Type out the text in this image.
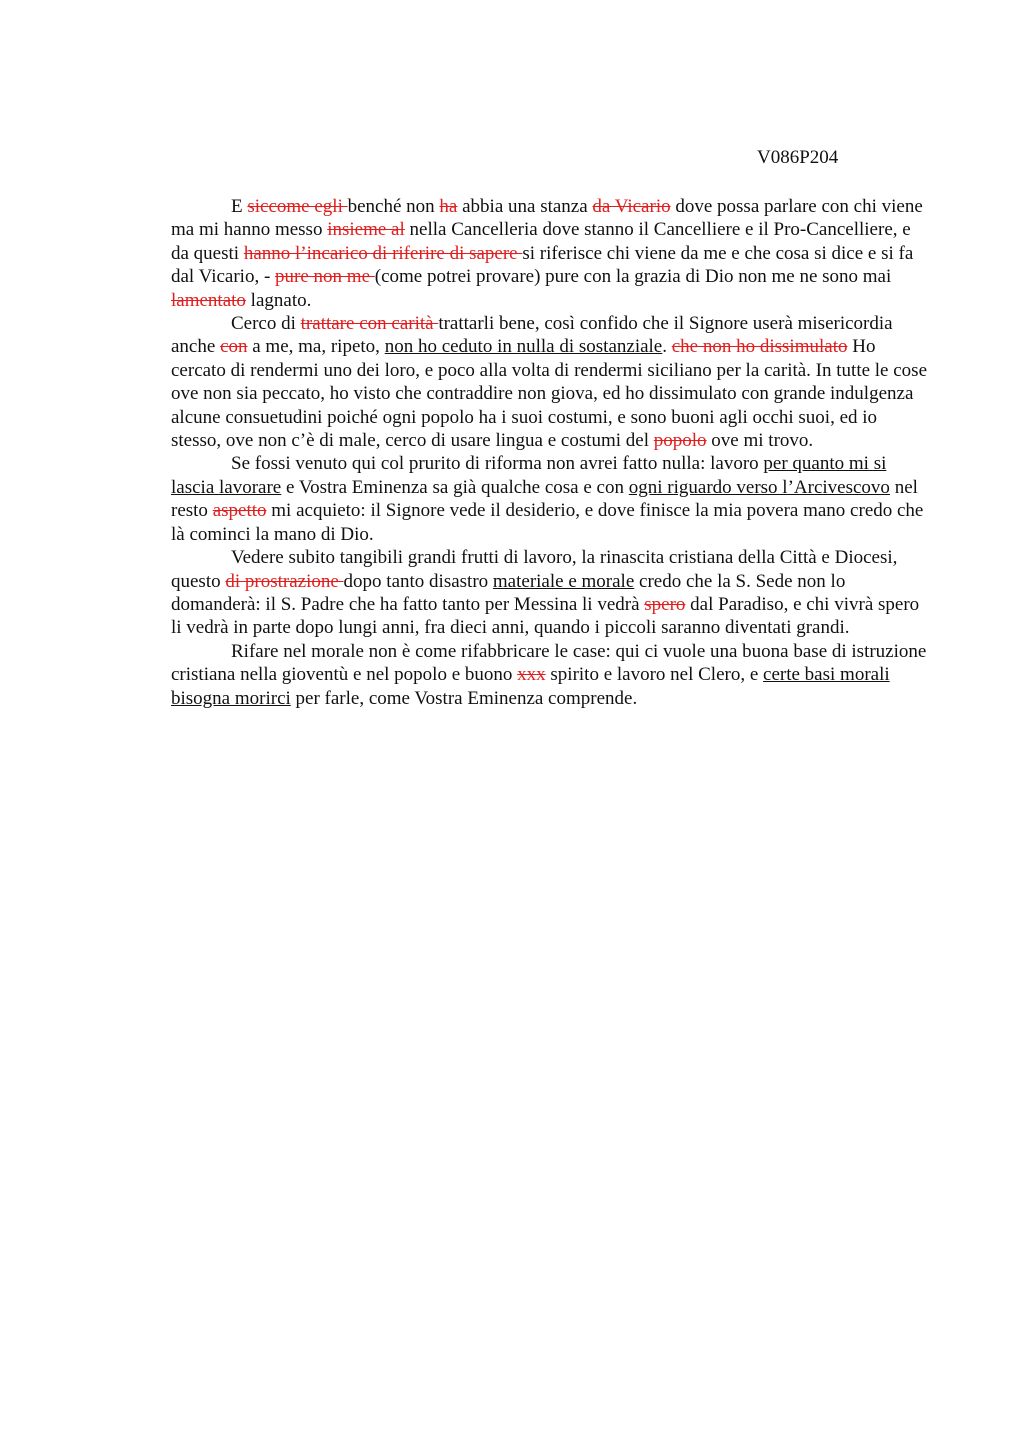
V086P204

E siccome egli benché non ha abbia una stanza da Vicario dove possa parlare con chi viene ma mi hanno messo insieme al nella Cancelleria dove stanno il Cancelliere e il Pro-Cancelliere, e da questi hanno l’incarico di riferire di sapere si riferisce chi viene da me e che cosa si dice e si fa dal Vicario, - pure non me (come potrei provare) pure con la grazia di Dio non me ne sono mai lamentato lagnato.

Cerco di trattare con carità trattarli bene, così confido che il Signore userà misericordia anche con a me, ma, ripeto, non ho ceduto in nulla di sostanziale. che non ho dissimulato Ho cercato di rendermi uno dei loro, e poco alla volta di rendermi siciliano per la carità. In tutte le cose ove non sia peccato, ho visto che contraddire non giova, ed ho dissimulato con grande indulgenza alcune consuetudini poiché ogni popolo ha i suoi costumi, e sono buoni agli occhi suoi, ed io stesso, ove non c’è di male, cerco di usare lingua e costumi del popolo ove mi trovo.

Se fossi venuto qui col prurito di riforma non avrei fatto nulla: lavoro per quanto mi si lascia lavorare e Vostra Eminenza sa già qualche cosa e con ogni riguardo verso l’Arcivescovo nel resto aspetto mi acquieto: il Signore vede il desiderio, e dove finisce la mia povera mano credo che là cominci la mano di Dio.

Vedere subito tangibili grandi frutti di lavoro, la rinascita cristiana della Città e Diocesi, questo di prostrazione dopo tanto disastro materiale e morale credo che la S. Sede non lo domanderà: il S. Padre che ha fatto tanto per Messina li vedrà spero dal Paradiso, e chi vivrà spero li vedrà in parte dopo lungi anni, fra dieci anni, quando i piccoli saranno diventati grandi.

Rifare nel morale non è come rifabbricare le case: qui ci vuole una buona base di istruzione cristiana nella gioventù e nel popolo e buono xxx spirito e lavoro nel Clero, e certe basi morali bisogna morirci per farle, come Vostra Eminenza comprende.
